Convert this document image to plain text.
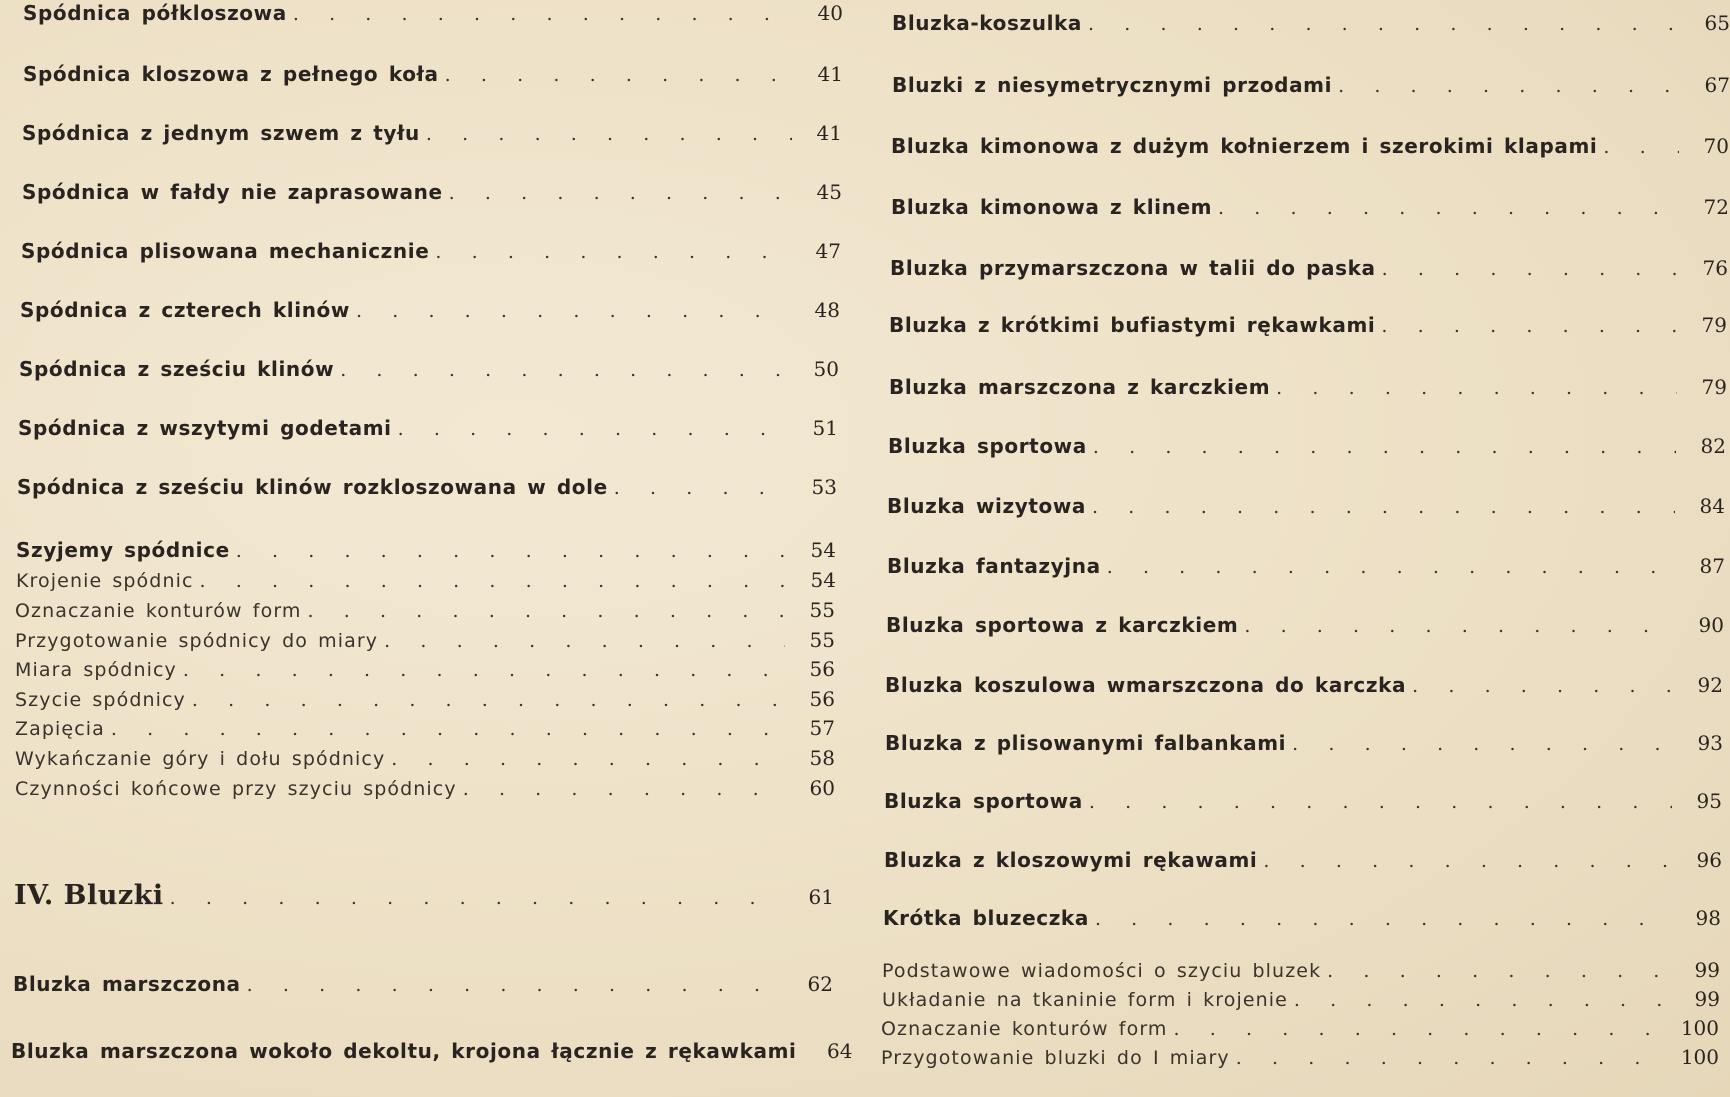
Spódnica półkloszowa .	40
Spódnica kloszowa z pełnego koła .	41
Spódnica z jednym szwem z tyłu .	41
Spódnica w fałdy nie zaprasowane .	45
Spódnica plisowana mechanicznie .	47
Spódnica z czterech klinów .	48
Spódnica z sześciu klinów .	50
Spódnica z wszytymi godetami .	51
Spódnica z sześciu klinów rozkloszowana w dole .	53
Szyjemy spódnice .	54
Krojenie spódnic .	54
Oznaczanie konturów form .	55
Przygotowanie spódnicy do miary .	55
Miara spódnicy .	56
Szycie spódnicy .	56
Zapięcia .	57
Wykańczanie góry i dołu spódnicy .	58
Czynności końcowe przy szyciu spódnicy .	60
IV. Bluzki .	61
Bluzka marszczona .	62
Bluzka marszczona wokoło dekoltu, krojona łącznie z rękawkami	64
Bluzka-koszulka .	65
Bluzki z niesymetrycznymi przodami .	67
Bluzka kimonowa z dużym kołnierzem i szerokimi klapami .	70
Bluzka kimonowa z klinem .	72
Bluzka przymarszczona w talii do paska .	76
Bluzka z krótkimi bufiastymi rękawkami .	79
Bluzka marszczona z karczkiem .	79
Bluzka sportowa .	82
Bluzka wizytowa .	84
Bluzka fantazyjna .	87
Bluzka sportowa z karczkiem .	90
Bluzka koszulowa wmarszczona do karczka .	92
Bluzka z plisowanymi falbankami .	93
Bluzka sportowa .	95
Bluzka z kloszowymi rękawami .	96
Krótka bluzeczka .	98
Podstawowe wiadomości o szyciu bluzek .	99
Układanie na tkaninie form i krojenie .	99
Oznaczanie konturów form .	100
Przygotowanie bluzki do I miary .	100
